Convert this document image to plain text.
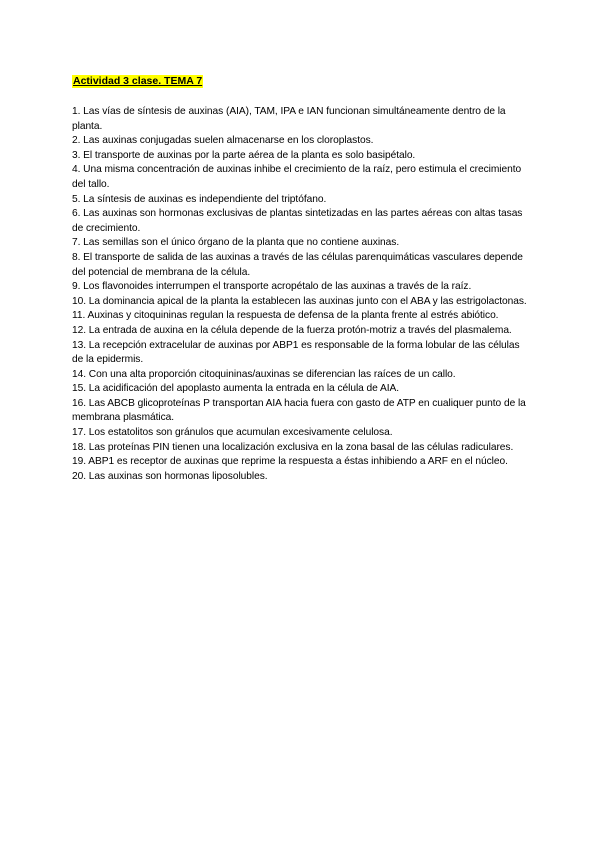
Actividad 3 clase. TEMA 7
1. Las vías de síntesis de auxinas (AIA), TAM, IPA e IAN funcionan simultáneamente dentro de la planta.
2. Las auxinas conjugadas suelen almacenarse en los cloroplastos.
3. El transporte de auxinas por la parte aérea de la planta es solo basipétalo.
4. Una misma concentración de auxinas inhibe el crecimiento de la raíz, pero estimula el crecimiento del tallo.
5. La síntesis de auxinas es independiente del triptófano.
6. Las auxinas son hormonas exclusivas de plantas sintetizadas en las partes aéreas con altas tasas de crecimiento.
7. Las semillas son el único órgano de la planta que no contiene auxinas.
8. El transporte de salida de las auxinas a través de las células parenquimáticas vasculares depende del potencial de membrana de la célula.
9. Los flavonoides interrumpen el transporte acropétalo de las auxinas a través de la raíz.
10. La dominancia apical de la planta la establecen las auxinas junto con el ABA y las estrigolactonas.
11. Auxinas y citoquininas regulan la respuesta de defensa de la planta frente al estrés abiótico.
12. La entrada de auxina en la célula depende de la fuerza protón-motriz a través del plasmalema.
13. La recepción extracelular de auxinas por ABP1 es responsable de la forma lobular de las células de la epidermis.
14. Con una alta proporción citoquininas/auxinas se diferencian las raíces de un callo.
15. La acidificación del apoplasto aumenta la entrada en la célula de AIA.
16. Las ABCB glicoproteínas P transportan AIA hacia fuera con gasto de ATP en cualiquer punto de la membrana plasmática.
17. Los estatolitos son gránulos que acumulan excesivamente celulosa.
18. Las proteínas PIN tienen una localización exclusiva en la zona basal de las células radiculares.
19. ABP1 es receptor de auxinas que reprime la respuesta a éstas inhibiendo a ARF en el núcleo.
20. Las auxinas son hormonas liposolubles.
